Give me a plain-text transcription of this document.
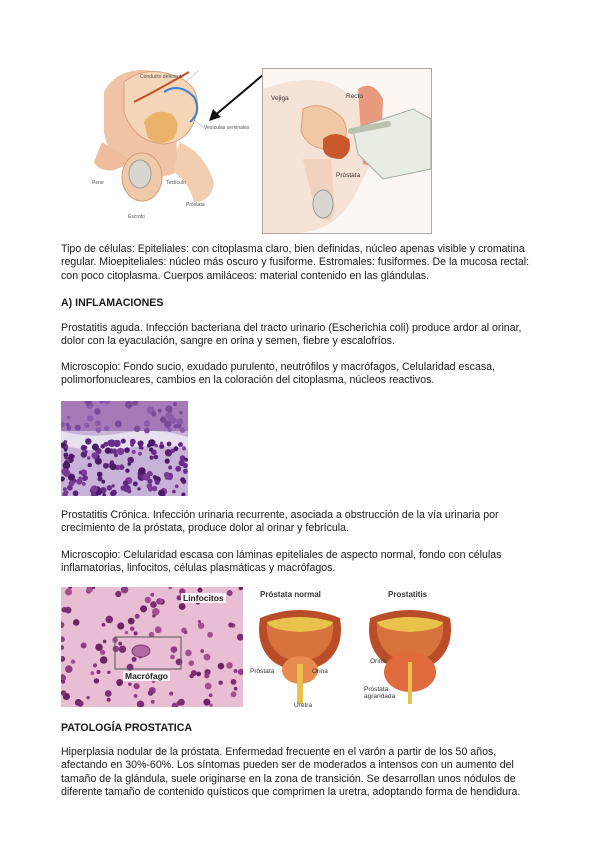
Conducto deferente
Vesículas seminales
Pene	Testículo
Escroto
Próstata
Vejiga	Recto
Próstata

Tipo de células: Epiteliales: con citoplasma claro, bien definidas, núcleo apenas visible y cromatina regular. Mioepiteliales: núcleo más oscuro y fusiforme. Estromales: fusiformes. De la mucosa rectal: con poco citoplasma. Cuerpos amiláceos: material contenido en las glándulas.

A) INFLAMACIONES

Prostatitis aguda. Infección bacteriana del tracto urinario (Escherichia coli) produce ardor al orinar, dolor con la eyaculación, sangre en orina y semen, fiebre y escalofríos.

Microscopio: Fondo sucio, exudado purulento, neutrófilos y macrófagos, Celularidad escasa, polimorfonucleares, cambios en la coloración del citoplasma, núcleos reactivos.

Prostatitis Crónica. Infección urinaria recurrente, asociada a obstrucción de la vía urinaria por crecimiento de la próstata, produce dolor al orinar y febrícula.

Microscopio: Celularidad escasa con láminas epiteliales de aspecto normal, fondo con células inflamatorias, linfocitos, células plasmáticas y macrófagos.

Linfocitos
Macrófago
Próstata normal
Próstata	Orina
Uretra
Prostatitis
Orina
Próstata agrandada

PATOLOGÍA PROSTATICA

Hiperplasia nodular de la próstata. Enfermedad frecuente en el varón a partir de los 50 años, afectando en 30%-60%. Los síntomas pueden ser de moderados a intensos con un aumento del tamaño de la glándula, suele originarse en la zona de transición. Se desarrollan unos nódulos de diferente tamaño de contenido quísticos que comprimen la uretra, adoptando forma de hendidura.
